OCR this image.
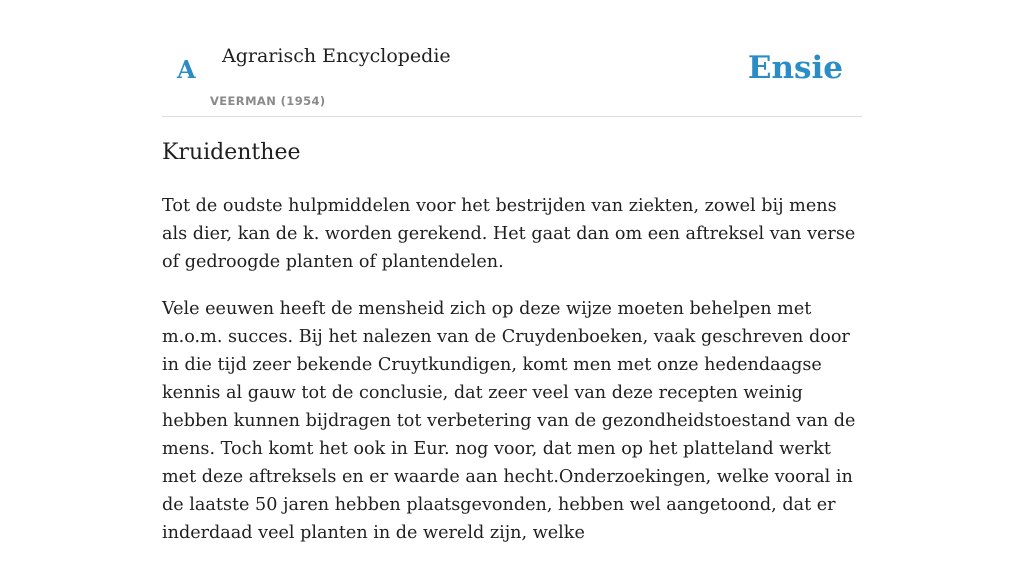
A Agrarisch Encyclopedie
VEERMAN (1954)
Ensie
Kruidenthee

Tot de oudste hulpmiddelen voor het bestrijden van ziekten, zowel bij mens als dier, kan de k. worden gerekend. Het gaat dan om een aftreksel van verse of gedroogde planten of plantendelen.

Vele eeuwen heeft de mensheid zich op deze wijze moeten behelpen met m.o.m. succes. Bij het nalezen van de Cruydenboeken, vaak geschreven door in die tijd zeer bekende Cruytkundigen, komt men met onze hedendaagse kennis al gauw tot de conclusie, dat zeer veel van deze recepten weinig hebben kunnen bijdragen tot verbetering van de gezondheidstoestand van de mens. Toch komt het ook in Eur. nog voor, dat men op het platteland werkt met deze aftreksels en er waarde aan hecht.Onderzoekingen, welke vooral in de laatste 50 jaren hebben plaatsgevonden, hebben wel aangetoond, dat er inderdaad veel planten in de wereld zijn, welke
